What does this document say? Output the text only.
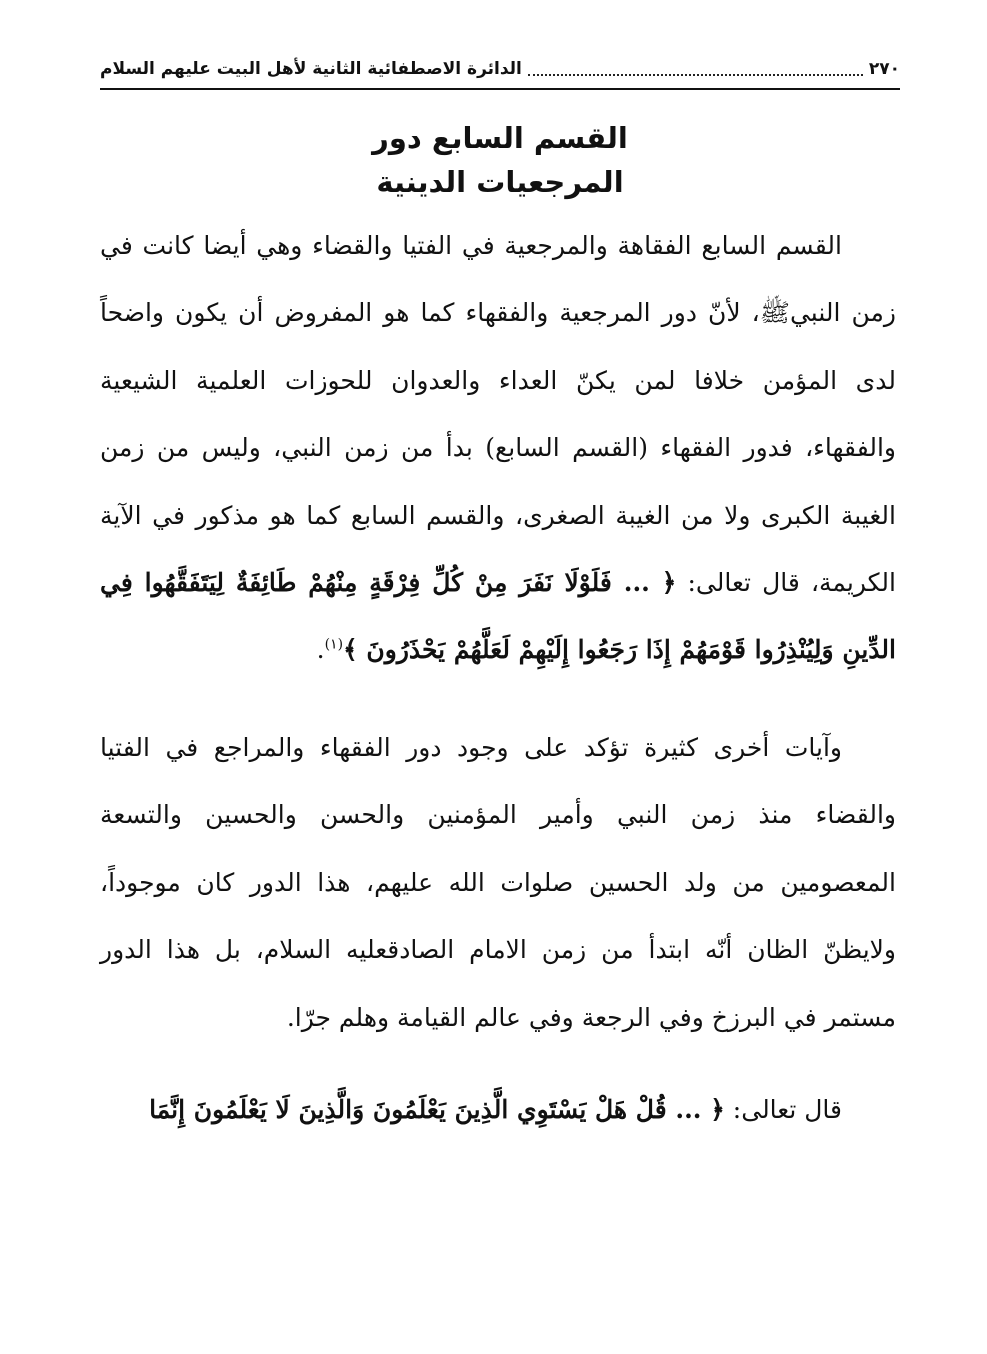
٢٧٠
الدائرة الاصطفائية الثانية لأهل البيت عليهم السلام
القسم السابع دور
المرجعيات الدينية

القسم السابع الفقاهة والمرجعية في الفتيا والقضاء وهي أيضا كانت في زمن النبيﷺ، لأنّ دور المرجعية والفقهاء كما هو المفروض أن يكون واضحاً لدى المؤمن خلافا لمن يكنّ العداء والعدوان للحوزات العلمية الشيعية والفقهاء، فدور الفقهاء (القسم السابع) بدأ من زمن النبي، وليس من زمن الغيبة الكبرى ولا من الغيبة الصغرى، والقسم السابع كما هو مذكور في الآية الكريمة، قال تعالى: ﴿ ... فَلَوْلَا نَفَرَ مِنْ كُلِّ فِرْقَةٍ مِنْهُمْ طَائِفَةٌ لِيَتَفَقَّهُوا فِي الدِّينِ وَلِيُنْذِرُوا قَوْمَهُمْ إِذَا رَجَعُوا إِلَيْهِمْ لَعَلَّهُمْ يَحْذَرُونَ ﴾$^{(١)}$.

وآيات أخرى كثيرة تؤكد على وجود دور الفقهاء والمراجع في الفتيا والقضاء منذ زمن النبي وأمير المؤمنين والحسن والحسين والتسعة المعصومين من ولد الحسين صلوات الله عليهم، هذا الدور كان موجوداً، ولايظنّ الظان أنّه ابتدأ من زمن الامام الصادقعليه السلام، بل هذا الدور مستمر في البرزخ وفي الرجعة وفي عالم القيامة وهلم جرّا.

قال تعالى: ﴿ ... قُلْ هَلْ يَسْتَوِي الَّذِينَ يَعْلَمُونَ وَالَّذِينَ لَا يَعْلَمُونَ إِنَّمَا
